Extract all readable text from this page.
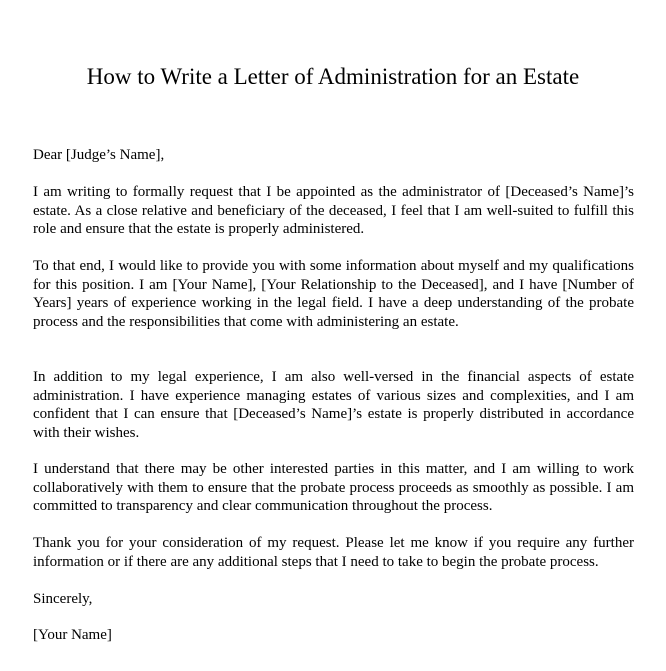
How to Write a Letter of Administration for an Estate

Dear [Judge’s Name],

I am writing to formally request that I be appointed as the administrator of [Deceased’s Name]’s estate. As a close relative and beneficiary of the deceased, I feel that I am well-suited to fulfill this role and ensure that the estate is properly administered.

To that end, I would like to provide you with some information about myself and my qualifications for this position. I am [Your Name], [Your Relationship to the Deceased], and I have [Number of Years] years of experience working in the legal field. I have a deep understanding of the probate process and the responsibilities that come with administering an estate.

In addition to my legal experience, I am also well-versed in the financial aspects of estate administration. I have experience managing estates of various sizes and complexities, and I am confident that I can ensure that [Deceased’s Name]’s estate is properly distributed in accordance with their wishes.

I understand that there may be other interested parties in this matter, and I am willing to work collaboratively with them to ensure that the probate process proceeds as smoothly as possible. I am committed to transparency and clear communication throughout the process.

Thank you for your consideration of my request. Please let me know if you require any further information or if there are any additional steps that I need to take to begin the probate process.

Sincerely,

[Your Name]
